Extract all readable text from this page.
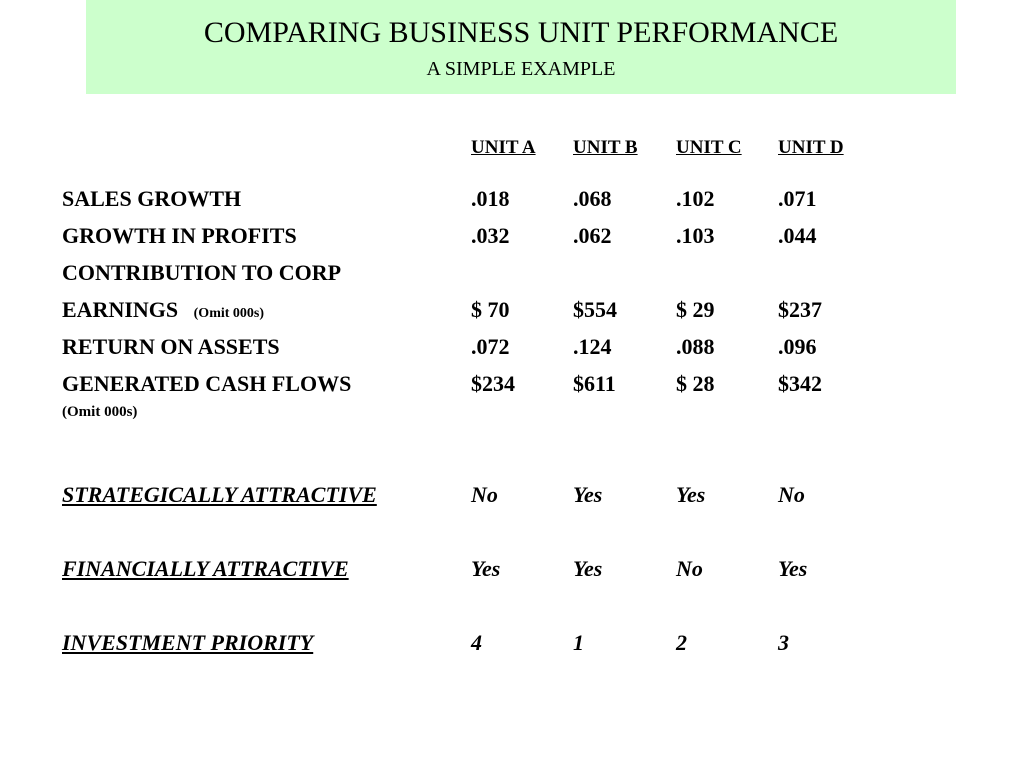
COMPARING BUSINESS UNIT PERFORMANCE
A SIMPLE EXAMPLE
UNIT A UNIT B UNIT C UNIT D
SALES GROWTH	.018	.068	.102	.071
GROWTH IN PROFITS	.032	.062	.103	.044
CONTRIBUTION TO CORP
EARNINGS (Omit 000s)	$ 70	$554	$ 29	$237
RETURN ON ASSETS	.072	.124	.088	.096
GENERATED CASH FLOWS	$234	$611	$ 28	$342
(Omit 000s)
STRATEGICALLY ATTRACTIVE	No	Yes	Yes	No
FINANCIALLY ATTRACTIVE	Yes	Yes	No	Yes
INVESTMENT PRIORITY	4	1	2	3
